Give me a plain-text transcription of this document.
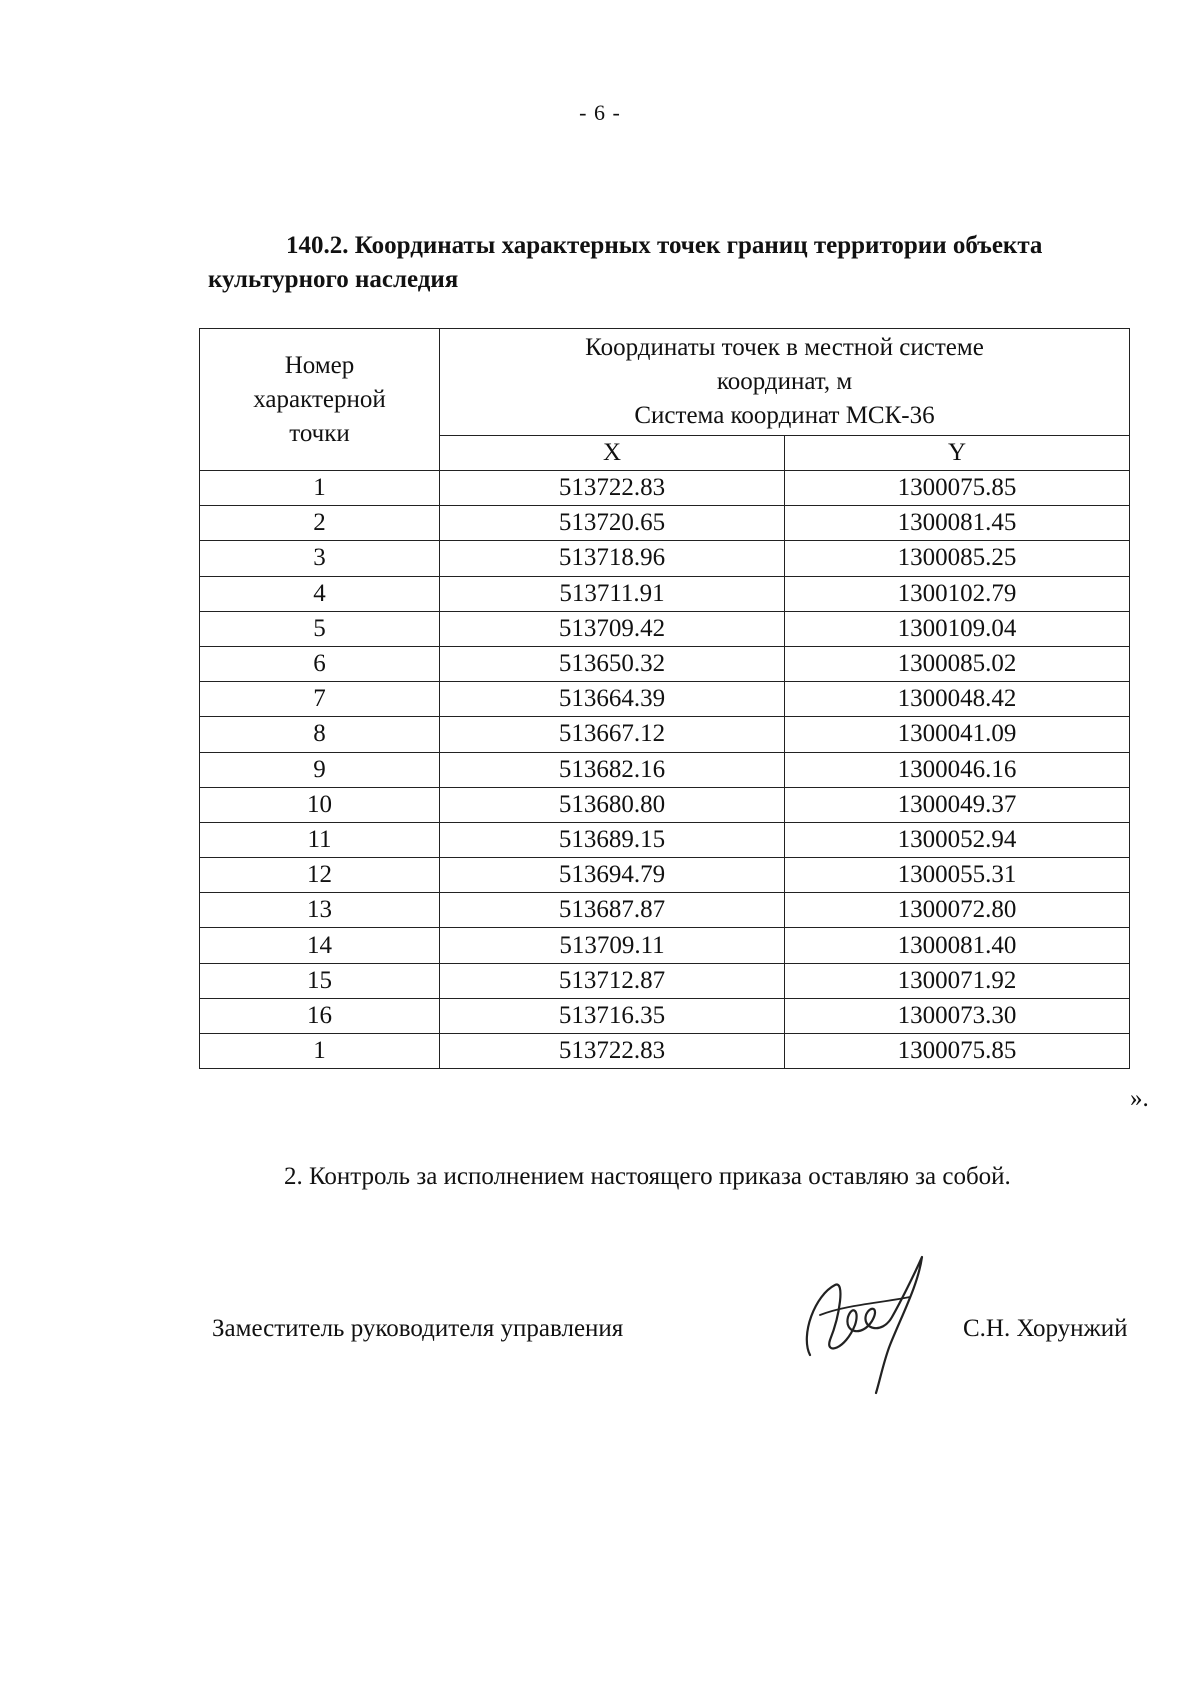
- 6 -
140.2. Координаты характерных точек границ территории объекта культурного наследия
Номер характерной точки	Координаты точек в местной системе
координат, м
Система координат МСК-36	

	X	Y
1	513722.83	1300075.85
2	513720.65	1300081.45
3	513718.96	1300085.25
4	513711.91	1300102.79
5	513709.42	1300109.04
6	513650.32	1300085.02
7	513664.39	1300048.42
8	513667.12	1300041.09
9	513682.16	1300046.16
10	513680.80	1300049.37
11	513689.15	1300052.94
12	513694.79	1300055.31
13	513687.87	1300072.80
14	513709.11	1300081.40
15	513712.87	1300071.92
16	513716.35	1300073.30
1	513722.83	1300075.85
».
2. Контроль за исполнением настоящего приказа оставляю за собой.
Заместитель руководителя управления	С.Н. Хорунжий
